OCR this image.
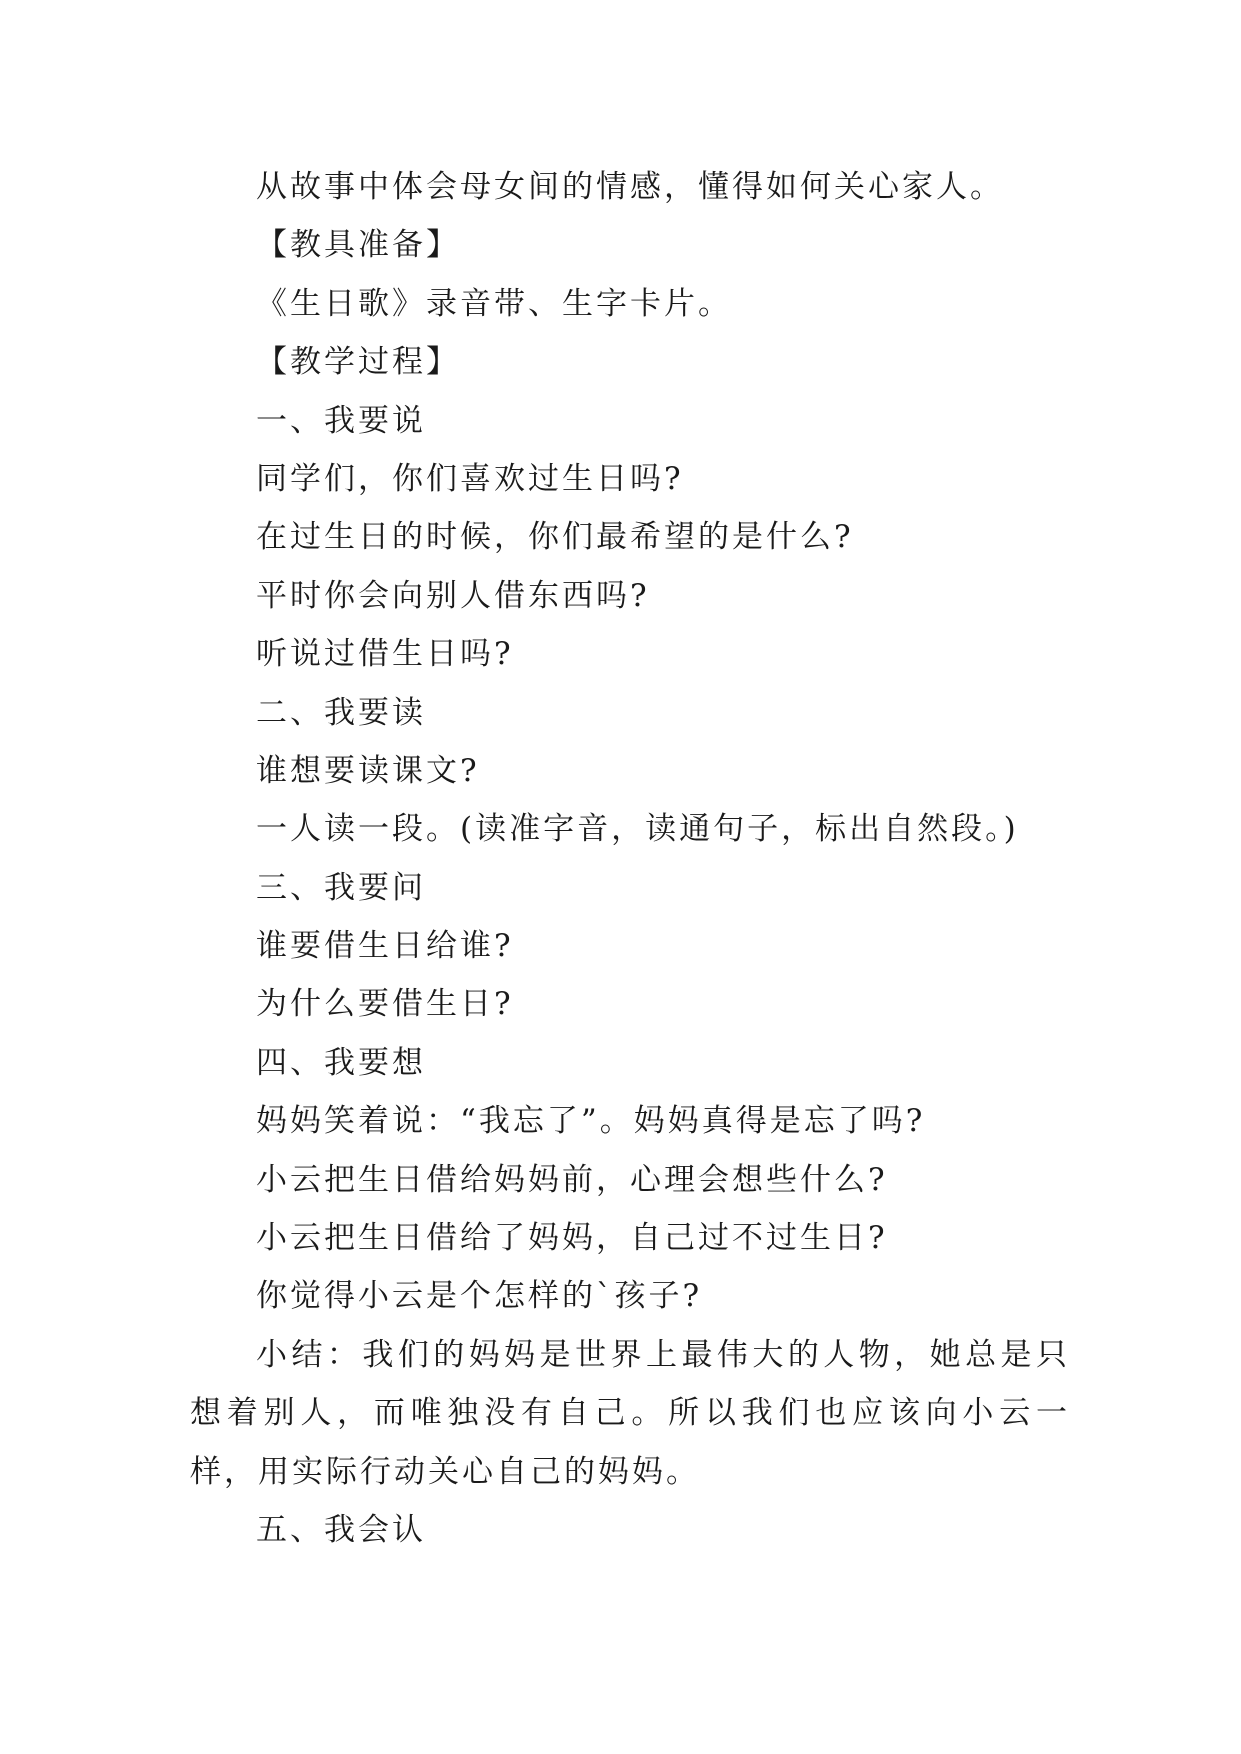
从故事中体会母女间的情感，懂得如何关心家人。
【教具准备】
《生日歌》录音带、生字卡片。
【教学过程】
一、我要说
同学们，你们喜欢过生日吗?
在过生日的时候，你们最希望的是什么?
平时你会向别人借东西吗?
听说过借生日吗?
二、我要读
谁想要读课文?
一人读一段。(读准字音，读通句子，标出自然段。)
三、我要问
谁要借生日给谁?
为什么要借生日?
四、我要想
妈妈笑着说：“我忘了”。妈妈真得是忘了吗?
小云把生日借给妈妈前，心理会想些什么?
小云把生日借给了妈妈，自己过不过生日?
你觉得小云是个怎样的`孩子?

小结：我们的妈妈是世界上最伟大的人物，她总是只想着别人，而唯独没有自己。所以我们也应该向小云一样，用实际行动关心自己的妈妈。

五、我会认
